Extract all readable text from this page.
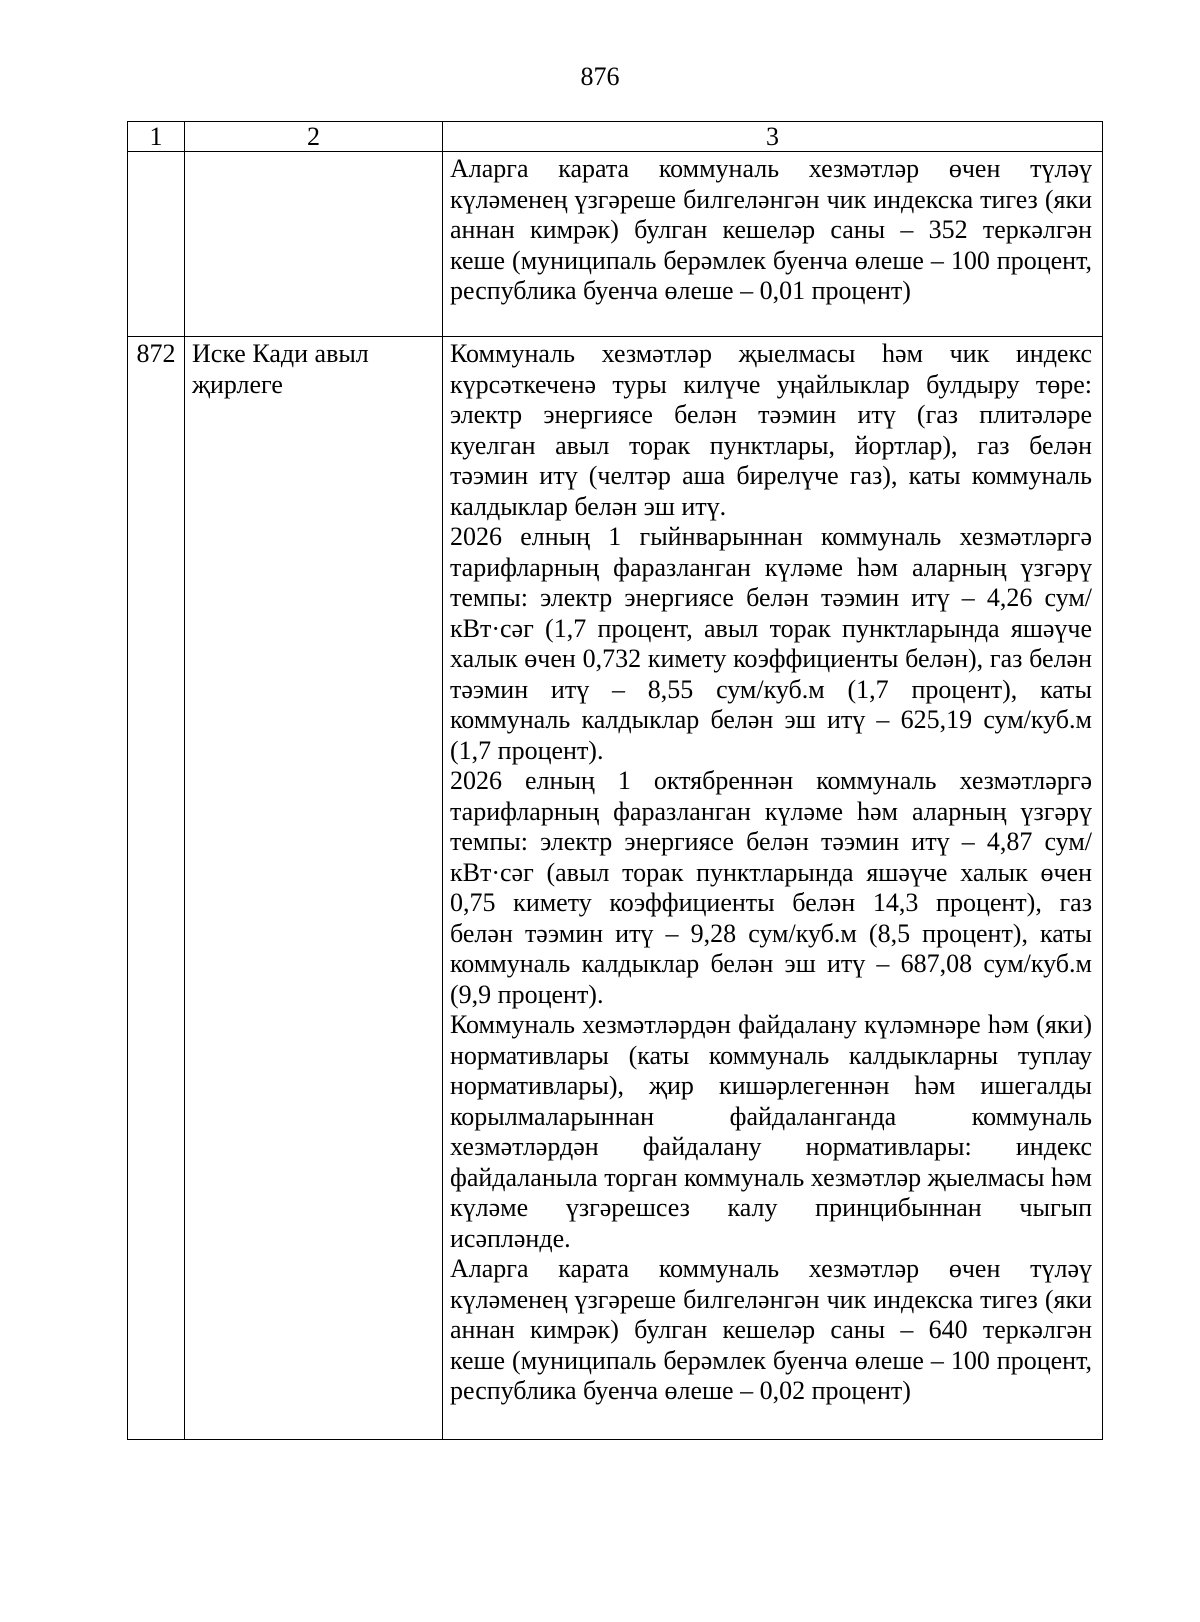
876
1	2	3

		Аларга карата коммуналь хезмәтләр өчен түләү күләменең үзгәреше билгеләнгән чик индекска тигез (яки аннан кимрәк) булган кешеләр саны – 352 теркәлгән кеше (муниципаль берәмлек буенча өлеше – 100 процент, республика буенча өлеше – 0,01 процент)

872	Иске Кади авыл җирлеге	Коммуналь хезмәтләр җыелмасы һәм чик индекс күрсәткеченә туры килүче уңайлыклар булдыру төре: электр энергиясе белән тәэмин итү (газ плитәләре куелган авыл торак пунктлары, йортлар), газ белән тәэмин итү (челтәр аша бирелүче газ), каты коммуналь калдыклар белән эш итү.

2026 елның 1 гыйнварыннан коммуналь хезмәтләргә тарифларның фаразланган күләме һәм аларның үзгәрү темпы: электр энергиясе белән тәэмин итү – 4,26 сум/кВт·сәг (1,7 процент, авыл торак пунктларында яшәүче халык өчен 0,732 кимету коэффициенты белән), газ белән тәэмин итү – 8,55 сум/куб.м (1,7 процент), каты коммуналь калдыклар белән эш итү – 625,19 сум/куб.м (1,7 процент).

2026 елның 1 октябреннән коммуналь хезмәтләргә тарифларның фаразланган күләме һәм аларның үзгәрү темпы: электр энергиясе белән тәэмин итү – 4,87 сум/кВт·сәг (авыл торак пунктларында яшәүче халык өчен 0,75 кимету коэффициенты белән 14,3 процент), газ белән тәэмин итү – 9,28 сум/куб.м (8,5 процент), каты коммуналь калдыклар белән эш итү – 687,08 сум/куб.м (9,9 процент).

Коммуналь хезмәтләрдән файдалану күләмнәре һәм (яки) нормативлары (каты коммуналь калдыкларны туплау нормативлары), җир кишәрлегеннән һәм ишегалды корылмаларыннан файдаланганда коммуналь хезмәтләрдән файдалану нормативлары: индекс файдаланыла торган коммуналь хезмәтләр җыелмасы һәм күләме үзгәрешсез калу принцибыннан чыгып исәпләнде.

Аларга карата коммуналь хезмәтләр өчен түләү күләменең үзгәреше билгеләнгән чик индекска тигез (яки аннан кимрәк) булган кешеләр саны – 640 теркәлгән кеше (муниципаль берәмлек буенча өлеше – 100 процент, республика буенча өлеше – 0,02 процент)
